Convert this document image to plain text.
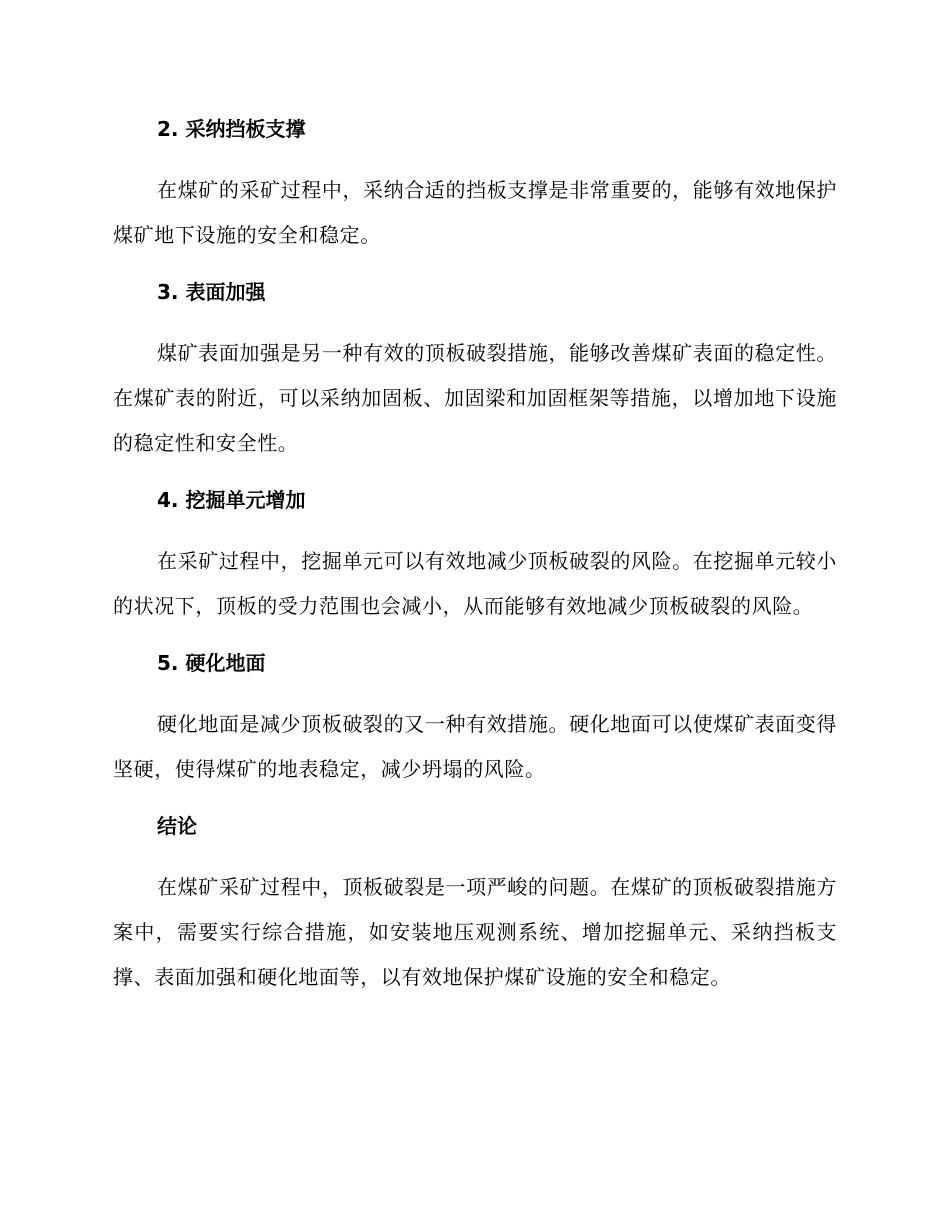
2. 采纳挡板支撑

在煤矿的采矿过程中，采纳合适的挡板支撑是非常重要的，能够有效地保护煤矿地下设施的安全和稳定。

3. 表面加强

煤矿表面加强是另一种有效的顶板破裂措施，能够改善煤矿表面的稳定性。在煤矿表的附近，可以采纳加固板、加固梁和加固框架等措施，以增加地下设施的稳定性和安全性。

4. 挖掘单元增加

在采矿过程中，挖掘单元可以有效地减少顶板破裂的风险。在挖掘单元较小的状况下，顶板的受力范围也会减小，从而能够有效地减少顶板破裂的风险。

5. 硬化地面

硬化地面是减少顶板破裂的又一种有效措施。硬化地面可以使煤矿表面变得坚硬，使得煤矿的地表稳定，减少坍塌的风险。

结论

在煤矿采矿过程中，顶板破裂是一项严峻的问题。在煤矿的顶板破裂措施方案中，需要实行综合措施，如安装地压观测系统、增加挖掘单元、采纳挡板支撑、表面加强和硬化地面等，以有效地保护煤矿设施的安全和稳定。
